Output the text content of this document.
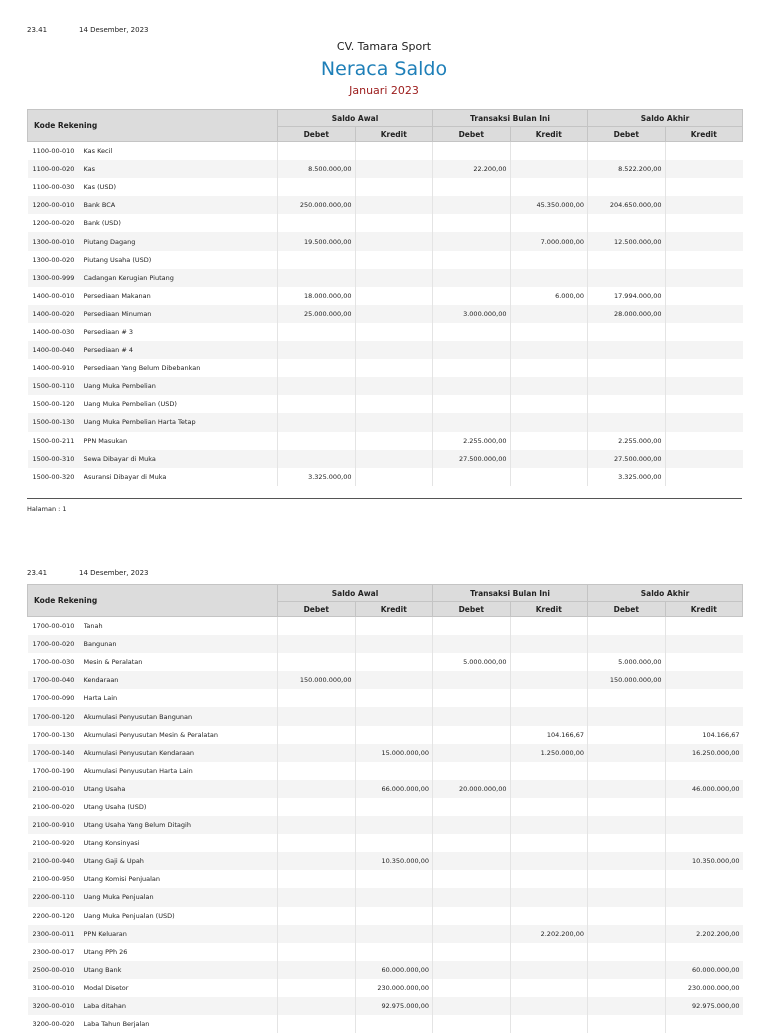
23.41	14 Desember, 2023
CV. Tamara Sport
Neraca Saldo
Januari 2023
Kode Rekening		Saldo Awal		Transaksi Bulan Ini		Saldo Akhir	
		Debet	Kredit	Debet	Kredit	Debet	Kredit
1100-00-010	Kas Kecil						
1100-00-020	Kas	8.500.000,00		22.200,00		8.522.200,00	
1100-00-030	Kas (USD)						
1200-00-010	Bank BCA	250.000.000,00			45.350.000,00	204.650.000,00	
1200-00-020	Bank (USD)						
1300-00-010	Piutang Dagang	19.500.000,00			7.000.000,00	12.500.000,00	
1300-00-020	Piutang Usaha (USD)						
1300-00-999	Cadangan Kerugian Piutang						
1400-00-010	Persediaan Makanan	18.000.000,00			6.000,00	17.994.000,00	
1400-00-020	Persediaan Minuman	25.000.000,00		3.000.000,00		28.000.000,00	
1400-00-030	Persediaan # 3						
1400-00-040	Persediaan # 4						
1400-00-910	Persediaan Yang Belum Dibebankan						
1500-00-110	Uang Muka Pembelian						
1500-00-120	Uang Muka Pembelian (USD)						
1500-00-130	Uang Muka Pembelian Harta Tetap						
1500-00-211	PPN Masukan			2.255.000,00		2.255.000,00	
1500-00-310	Sewa Dibayar di Muka			27.500.000,00		27.500.000,00	
1500-00-320	Asuransi Dibayar di Muka	3.325.000,00				3.325.000,00	
Halaman : 1
23.41	14 Desember, 2023
Kode Rekening		Saldo Awal		Transaksi Bulan Ini		Saldo Akhir	
		Debet	Kredit	Debet	Kredit	Debet	Kredit
1700-00-010	Tanah						
1700-00-020	Bangunan						
1700-00-030	Mesin & Peralatan			5.000.000,00		5.000.000,00	
1700-00-040	Kendaraan	150.000.000,00				150.000.000,00	
1700-00-090	Harta Lain						
1700-00-120	Akumulasi Penyusutan Bangunan						
1700-00-130	Akumulasi Penyusutan Mesin & Peralatan				104.166,67		104.166,67
1700-00-140	Akumulasi Penyusutan Kendaraan		15.000.000,00		1.250.000,00		16.250.000,00
1700-00-190	Akumulasi Penyusutan Harta Lain						
2100-00-010	Utang Usaha		66.000.000,00	20.000.000,00			46.000.000,00
2100-00-020	Utang Usaha (USD)						
2100-00-910	Utang Usaha Yang Belum Ditagih						
2100-00-920	Utang Konsinyasi						
2100-00-940	Utang Gaji & Upah		10.350.000,00				10.350.000,00
2100-00-950	Utang Komisi Penjualan						
2200-00-110	Uang Muka Penjualan						
2200-00-120	Uang Muka Penjualan (USD)						
2300-00-011	PPN Keluaran				2.202.200,00		2.202.200,00
2300-00-017	Utang PPh 26						
2500-00-010	Utang Bank		60.000.000,00				60.000.000,00
3100-00-010	Modal Disetor		230.000.000,00				230.000.000,00
3200-00-010	Laba ditahan		92.975.000,00				92.975.000,00
3200-00-020	Laba Tahun Berjalan						
